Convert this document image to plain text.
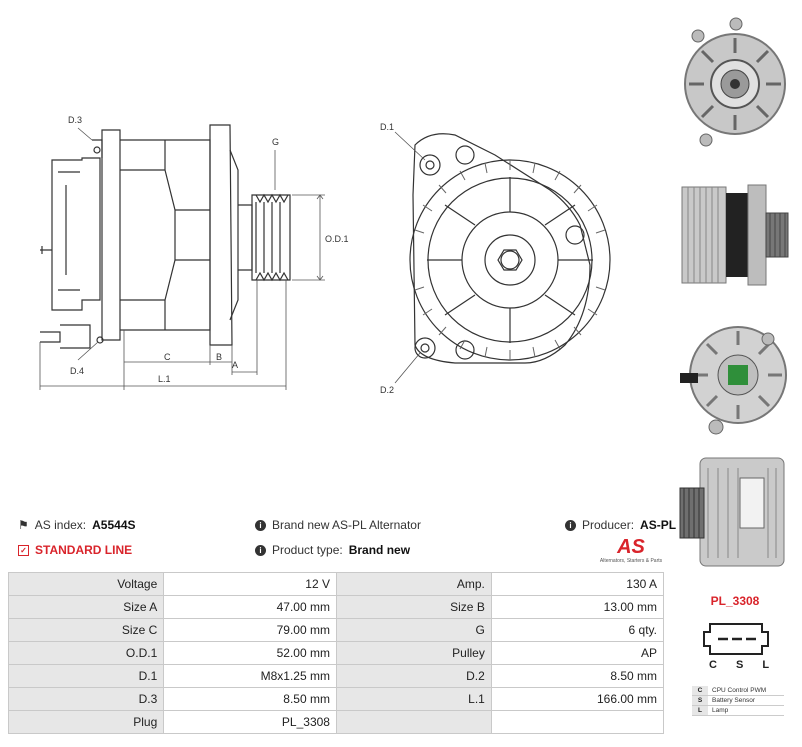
D.3
G
O.D.1
C	B
A
L.1
D.4
D.1
D.2
⚑ AS index: A5544S	i Brand new AS-PL Alternator	i Producer: AS-PL
✓ STANDARD LINE	i Product type: Brand new	AS
Alternators, Starters & Parts
Voltage	12 V	Amp.	130 A
Size A	47.00 mm	Size B	13.00 mm
Size C	79.00 mm	G	6 qty.
O.D.1	52.00 mm	Pulley	AP
D.1	M8x1.25 mm	D.2	8.50 mm
D.3	8.50 mm	L.1	166.00 mm
Plug	PL_3308		
PL_3308
C S L
C	CPU Control PWM
S	Battery Sensor
L	Lamp
